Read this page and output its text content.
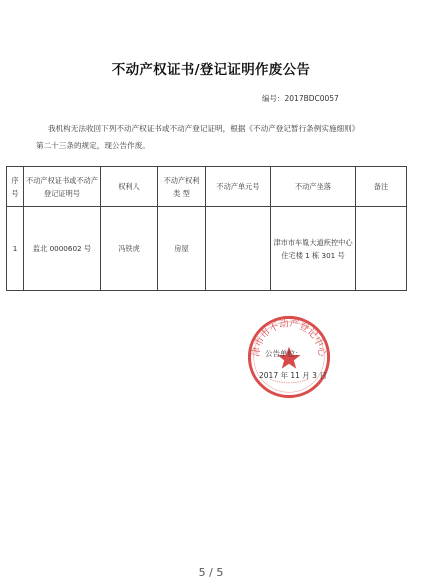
不动产权证书/登记证明作废公告
编号：2017BDC0057
我机构无法收回下列不动产权证书或不动产登记证明，根据《不动产登记暂行条例实施细则》第二十三条的规定，现公告作废。
序号	不动产权证书或不动产登记证明号	权利人	不动产权利类 型	不动产单元号	不动产坐落	备注
1	监北 0000602 号	冯铁虎	房屋		津市市车胤大道疾控中心住宅楼 1 栋 301 号	
津市市不动产登记中心
公告单位：
2017 年 11 月 3 日
5 / 5
